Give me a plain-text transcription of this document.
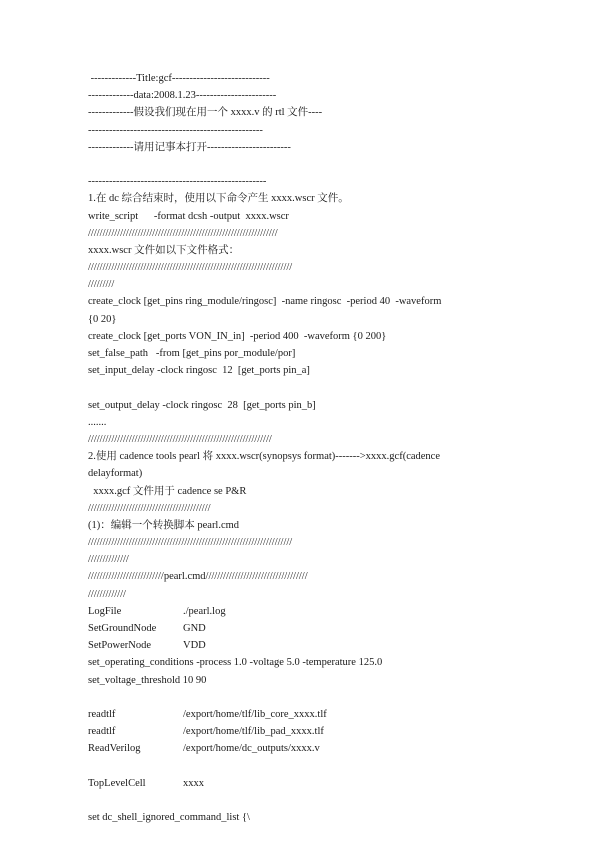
-------------Title:gcf----------------------------
-------------data:2008.1.23-----------------------
-------------假设我们现在用一个 xxxx.v 的 rtl 文件----
--------------------------------------------------
-------------请用记事本打开------------------------
---------------------------------------------------
1.在 dc 综合结束时，使用以下命令产生 xxxx.wscr 文件。
write_script      -format dcsh -output  xxxx.wscr
/////////////////////////////////////////////////////////////////
xxxx.wscr 文件如以下文件格式：
//////////////////////////////////////////////////////////////////////
/////////
create_clock [get_pins ring_module/ringosc]  -name ringosc  -period 40  -waveform
{0 20}
create_clock [get_ports VON_IN_in]  -period 400  -waveform {0 200}
set_false_path   -from [get_pins por_module/por]
set_input_delay -clock ringosc  12  [get_ports pin_a]
set_output_delay -clock ringosc  28  [get_ports pin_b]
.......
///////////////////////////////////////////////////////////////
2.使用 cadence tools pearl 将 xxxx.wscr(synopsys format)------->xxxx.gcf(cadence
delayformat)
xxxx.gcf 文件用于 cadence se P&R
//////////////////////////////////////////
(1)：编辑一个转换脚本 pearl.cmd
//////////////////////////////////////////////////////////////////////
//////////////
//////////////////////////pearl.cmd///////////////////////////////////
/////////////
LogFile	./pearl.log
SetGroundNode	GND
SetPowerNode	VDD
set_operating_conditions -process 1.0 -voltage 5.0 -temperature 125.0
set_voltage_threshold 10 90
readtlf	/export/home/tlf/lib_core_xxxx.tlf
readtlf	/export/home/tlf/lib_pad_xxxx.tlf
ReadVerilog	/export/home/dc_outputs/xxxx.v
TopLevelCell	xxxx
set dc_shell_ignored_command_list {\
